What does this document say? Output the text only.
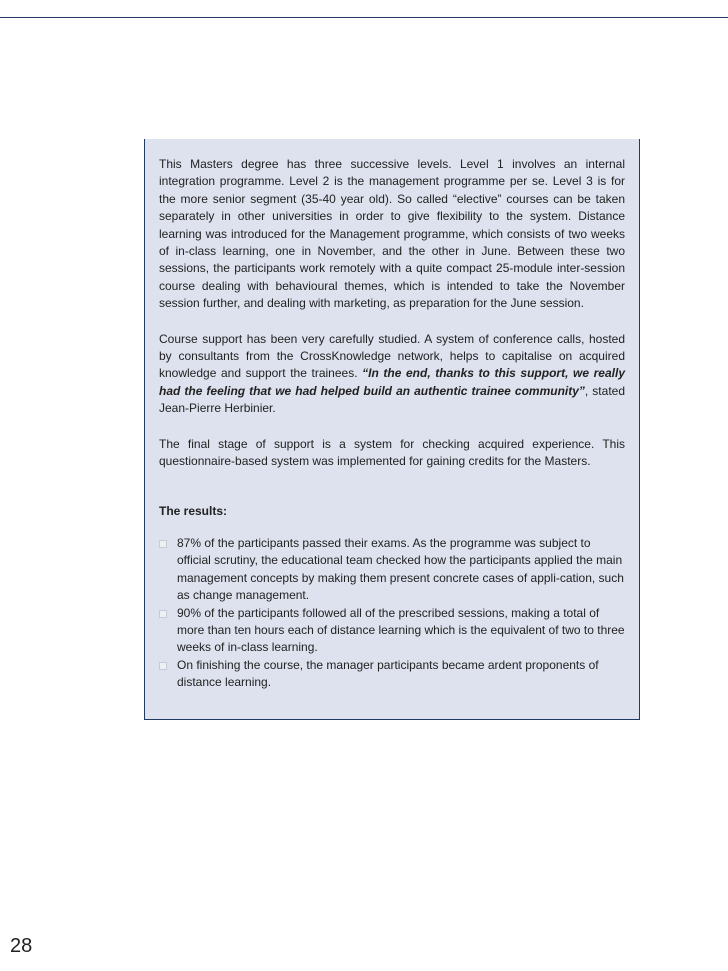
This Masters degree has three successive levels. Level 1 involves an internal integration programme. Level 2 is the management programme per se. Level 3 is for the more senior segment (35-40 year old). So called “elective” courses can be taken separately in other universities in order to give flexibility to the system. Distance learning was introduced for the Management programme, which consists of two weeks of in-class learning, one in November, and the other in June. Between these two sessions, the participants work remotely with a quite compact 25-module inter-session course dealing with behavioural themes, which is intended to take the November session further, and dealing with marketing, as preparation for the June session.

Course support has been very carefully studied. A system of conference calls, hosted by consultants from the CrossKnowledge network, helps to capitalise on acquired knowledge and support the trainees. “In the end, thanks to this support, we really had the feeling that we had helped build an authentic trainee community”, stated Jean-Pierre Herbinier.

The final stage of support is a system for checking acquired experience. This questionnaire-based system was implemented for gaining credits for the Masters.

The results:

87% of the participants passed their exams. As the programme was subject to official scrutiny, the educational team checked how the participants applied the main management concepts by making them present concrete cases of appli-cation, such as change management.
90% of the participants followed all of the prescribed sessions, making a total of more than ten hours each of distance learning which is the equivalent of two to three weeks of in-class learning.
On finishing the course, the manager participants became ardent proponents of distance learning.
28
